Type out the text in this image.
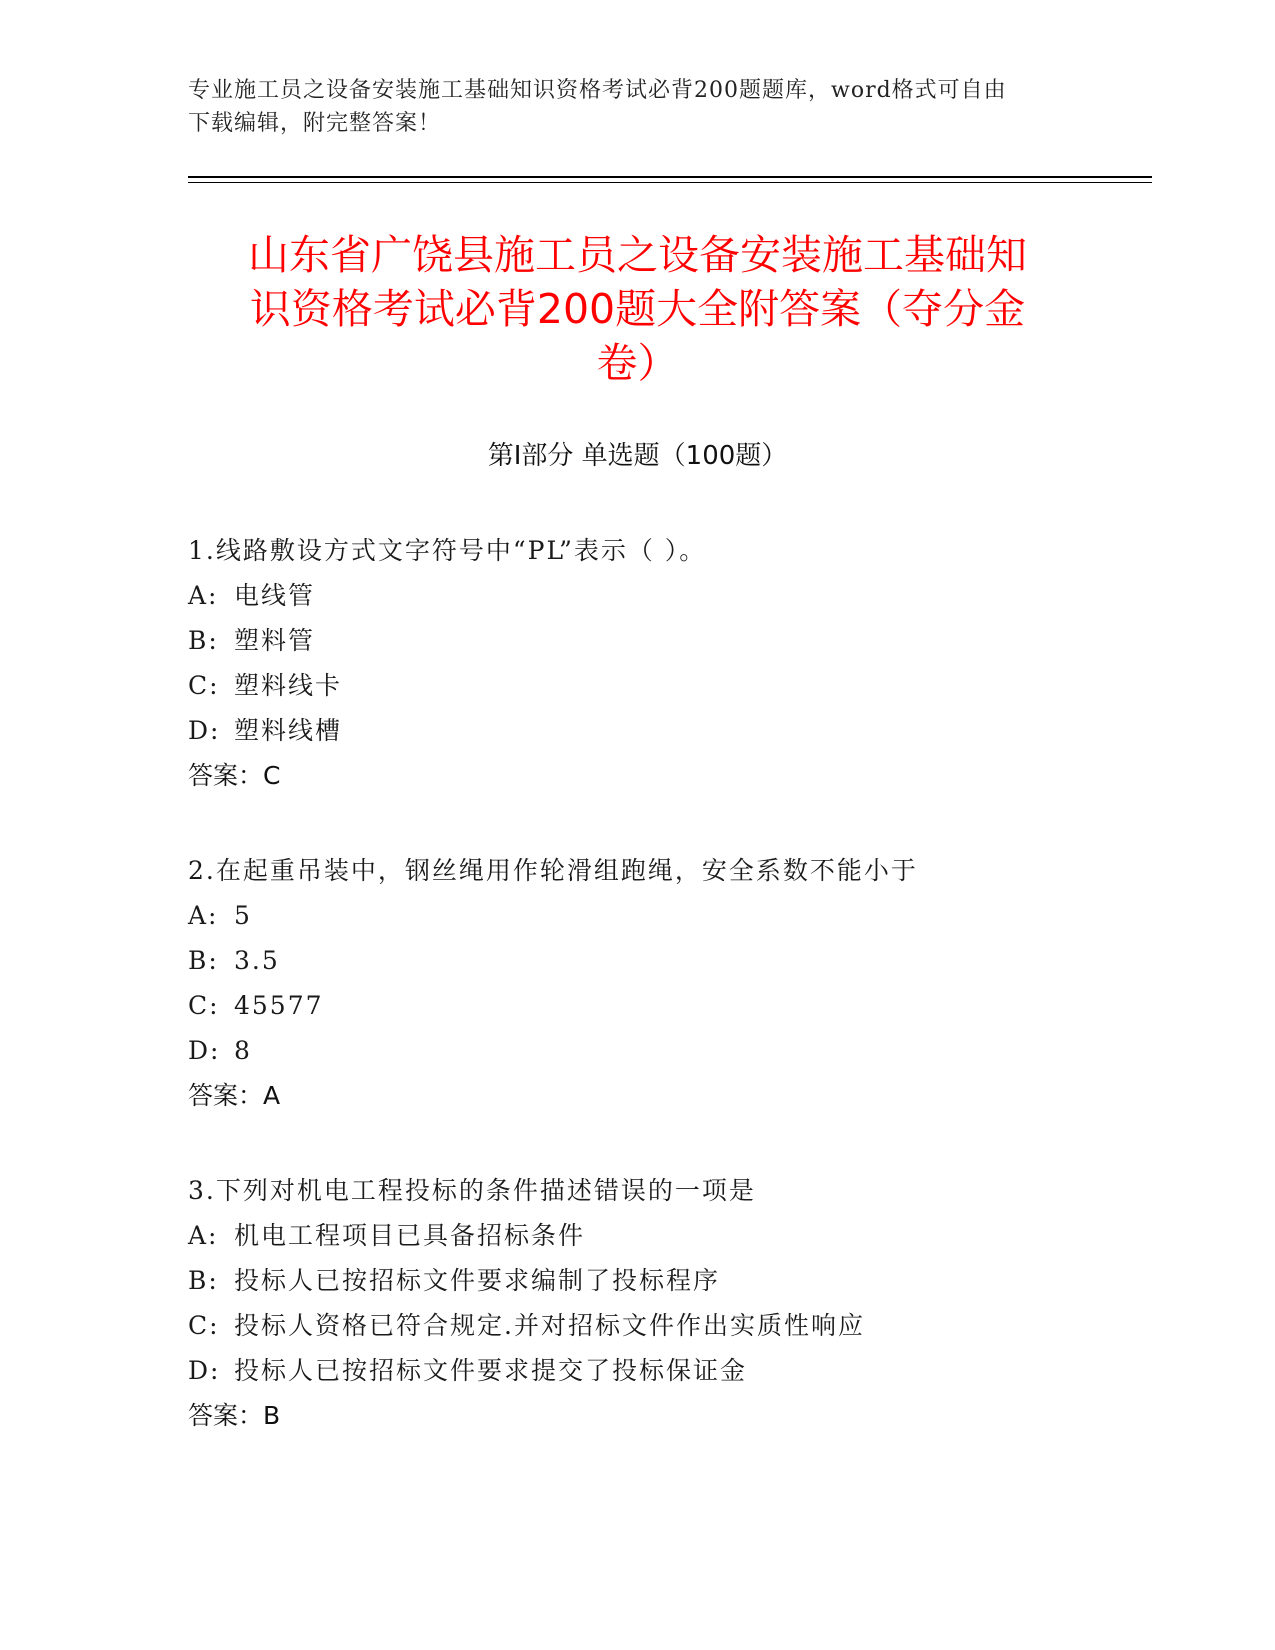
专业施工员之设备安装施工基础知识资格考试必背200题题库，word格式可自由
下载编辑，附完整答案！
山东省广饶县施工员之设备安装施工基础知
识资格考试必背200题大全附答案（夺分金
卷）
第Ⅰ部分 单选题（100题）
1.线路敷设方式文字符号中“PL”表示（ ）。
A: 电线管
B: 塑料管
C: 塑料线卡
D: 塑料线槽
答案：C
2.在起重吊装中，钢丝绳用作轮滑组跑绳，安全系数不能小于
A: 5
B: 3.5
C: 45577
D: 8
答案：A
3.下列对机电工程投标的条件描述错误的一项是
A: 机电工程项目已具备招标条件
B: 投标人已按招标文件要求编制了投标程序
C: 投标人资格已符合规定.并对招标文件作出实质性响应
D: 投标人已按招标文件要求提交了投标保证金
答案：B
